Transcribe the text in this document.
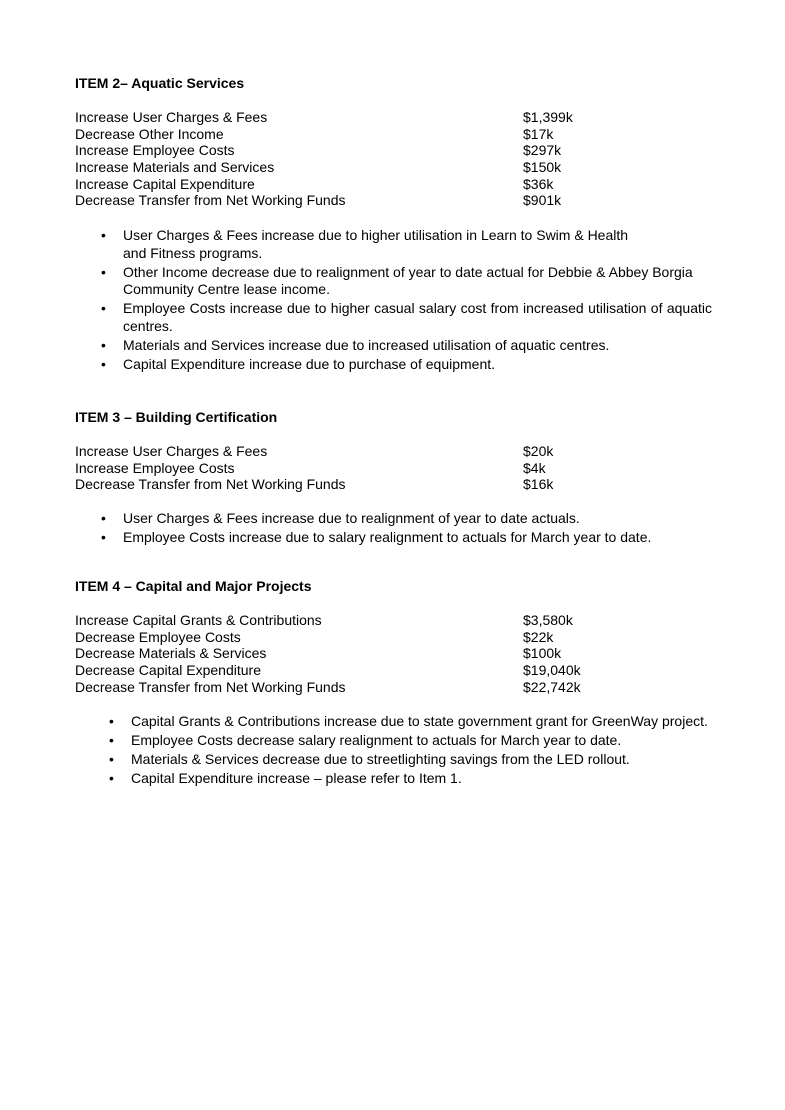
ITEM 2– Aquatic Services

Increase User Charges & Fees	$1,399k
Decrease Other Income	$17k
Increase Employee Costs	$297k
Increase Materials and Services	$150k
Increase Capital Expenditure	$36k
Decrease Transfer from Net Working Funds	$901k
• User Charges & Fees increase due to higher utilisation in Learn to Swim & Health and Fitness programs.
• Other Income decrease due to realignment of year to date actual for Debbie & Abbey Borgia Community Centre lease income.
• Employee Costs increase due to higher casual salary cost from increased utilisation of aquatic centres.
• Materials and Services increase due to increased utilisation of aquatic centres.
• Capital Expenditure increase due to purchase of equipment.

ITEM 3 – Building Certification

Increase User Charges & Fees	$20k
Increase Employee Costs	$4k
Decrease Transfer from Net Working Funds	$16k
• User Charges & Fees increase due to realignment of year to date actuals.
• Employee Costs increase due to salary realignment to actuals for March year to date.

ITEM 4 – Capital and Major Projects

Increase Capital Grants & Contributions	$3,580k
Decrease Employee Costs	$22k
Decrease Materials & Services	$100k
Decrease Capital Expenditure	$19,040k
Decrease Transfer from Net Working Funds	$22,742k
• Capital Grants & Contributions increase due to state government grant for GreenWay project.
• Employee Costs decrease salary realignment to actuals for March year to date.
• Materials & Services decrease due to streetlighting savings from the LED rollout.
• Capital Expenditure increase – please refer to Item 1.
